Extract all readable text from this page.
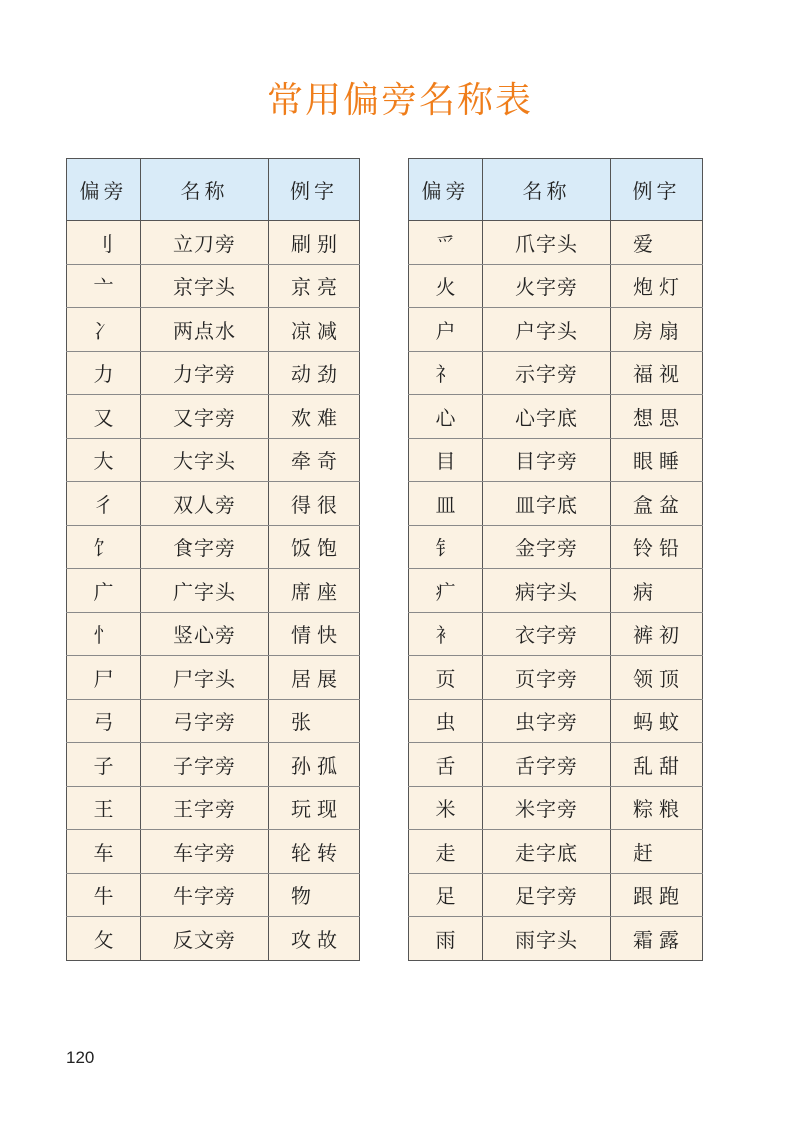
常用偏旁名称表
偏旁	名称	例字
刂	立刀旁	刷别
亠	京字头	京亮
冫	两点水	凉减
力	力字旁	动劲
又	又字旁	欢难
大	大字头	牵奇
彳	双人旁	得很
饣	食字旁	饭饱
广	广字头	席座
忄	竖心旁	情快
尸	尸字头	居展
弓	弓字旁	张
子	子字旁	孙孤
王	王字旁	玩现
车	车字旁	轮转
牛	牛字旁	物
攵	反文旁	攻故
偏旁	名称	例字
爫	爪字头	爱
火	火字旁	炮灯
户	户字头	房扇
礻	示字旁	福视
心	心字底	想思
目	目字旁	眼睡
皿	皿字底	盒盆
钅	金字旁	铃铅
疒	病字头	病
衤	衣字旁	裤初
页	页字旁	领顶
虫	虫字旁	蚂蚊
舌	舌字旁	乱甜
米	米字旁	粽粮
走	走字底	赶
足	足字旁	跟跑
雨	雨字头	霜露
120
